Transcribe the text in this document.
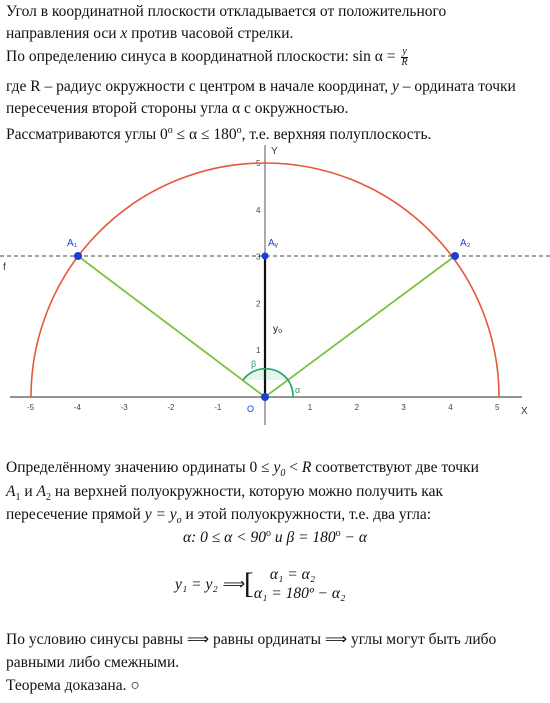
Угол в координатной плоскости откладывается от положительного
направления оси x против часовой стрелки.
По определению синуса в координатной плоскости: $\sin \alpha = \frac{y}{R}$
где R – радиус окружности с центром в начале координат, y – ордината точки
пересечения второй стороны угла α с окружностью.
Рассматриваются углы $0^o \le \alpha \le 180^o$, т.е. верхняя полуплоскость.
f
X
Y
-5	-4	-3	-2	-1	1	2	3	4	5
1
2
3
4
5
y₀
α
β
A₁	A₂
Aᵧ
O
Определённому значению ординаты $0 \le y_0 < R$ соответствуют две точки
$A_1$ и $A_2$ на верхней полуокружности, которую можно получить как
пересечение прямой $y = y_o$ и этой полуокружности, т.е. два угла:
α: $0 \le \alpha < 90^o$ и $\beta = 180^o - \alpha$
y₁ = y₂ ⟹ [	α₁ = α₂
α₁ = 180º − α₂
По условию синусы равны ⟹ равны ординаты ⟹ углы могут быть либо
равными либо смежными.
Теорема доказана. ○
